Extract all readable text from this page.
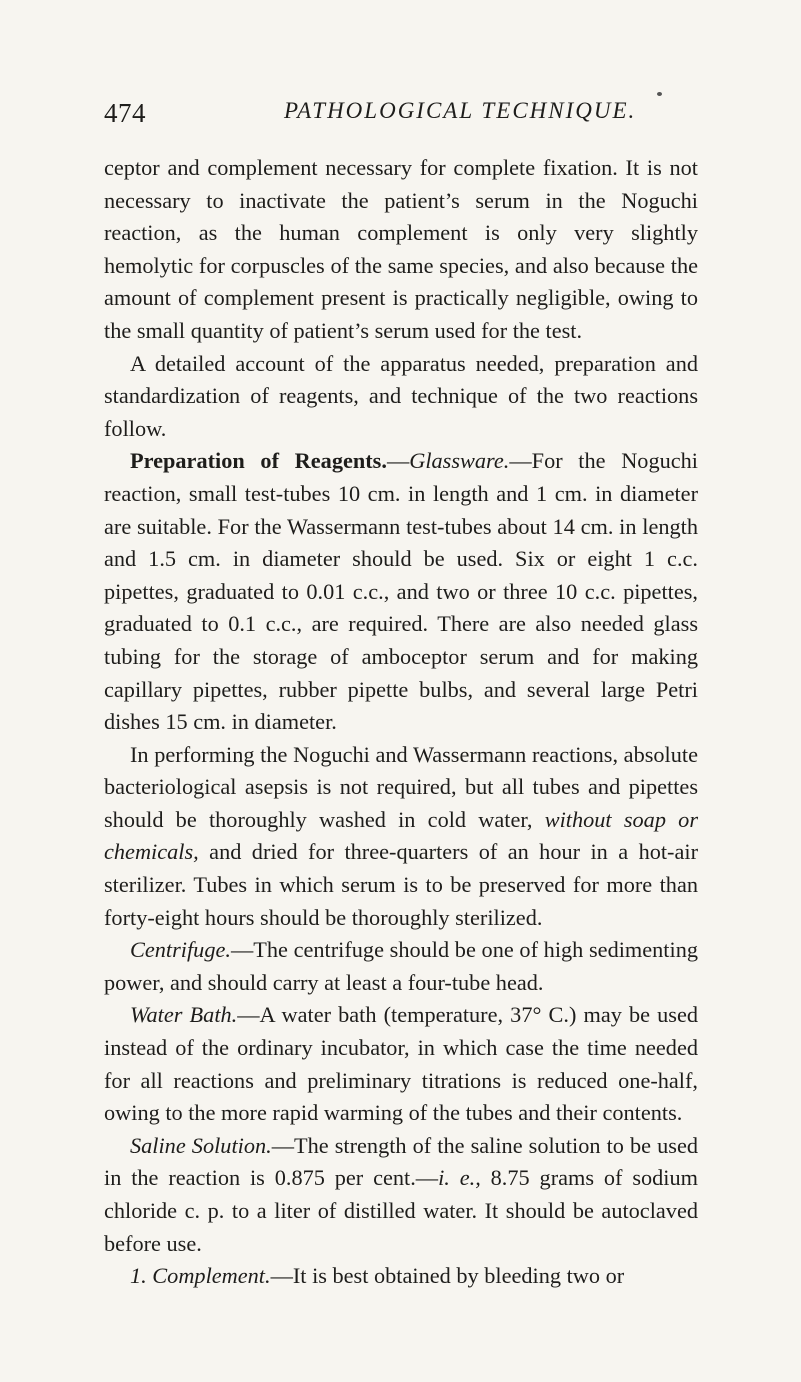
474	PATHOLOGICAL TECHNIQUE.

ceptor and complement necessary for complete fixation. It is not necessary to inactivate the patient’s serum in the Noguchi reaction, as the human complement is only very slightly hemolytic for corpuscles of the same species, and also because the amount of complement present is practically negligible, owing to the small quantity of patient’s serum used for the test.

A detailed account of the apparatus needed, preparation and standardization of reagents, and technique of the two reactions follow.

Preparation of Reagents.—Glassware.—For the Noguchi reaction, small test-tubes 10 cm. in length and 1 cm. in diameter are suitable. For the Wassermann test-tubes about 14 cm. in length and 1.5 cm. in diameter should be used. Six or eight 1 c.c. pipettes, graduated to 0.01 c.c., and two or three 10 c.c. pipettes, graduated to 0.1 c.c., are required. There are also needed glass tubing for the storage of amboceptor serum and for making capillary pipettes, rubber pipette bulbs, and several large Petri dishes 15 cm. in diameter.

In performing the Noguchi and Wassermann reactions, absolute bacteriological asepsis is not required, but all tubes and pipettes should be thoroughly washed in cold water, without soap or chemicals, and dried for three-quarters of an hour in a hot-air sterilizer. Tubes in which serum is to be preserved for more than forty-eight hours should be thoroughly sterilized.

Centrifuge.—The centrifuge should be one of high sedimenting power, and should carry at least a four-tube head.

Water Bath.—A water bath (temperature, 37° C.) may be used instead of the ordinary incubator, in which case the time needed for all reactions and preliminary titrations is reduced one-half, owing to the more rapid warming of the tubes and their contents.

Saline Solution.—The strength of the saline solution to be used in the reaction is 0.875 per cent.—i. e., 8.75 grams of sodium chloride c. p. to a liter of distilled water. It should be autoclaved before use.

1. Complement.—It is best obtained by bleeding two or
